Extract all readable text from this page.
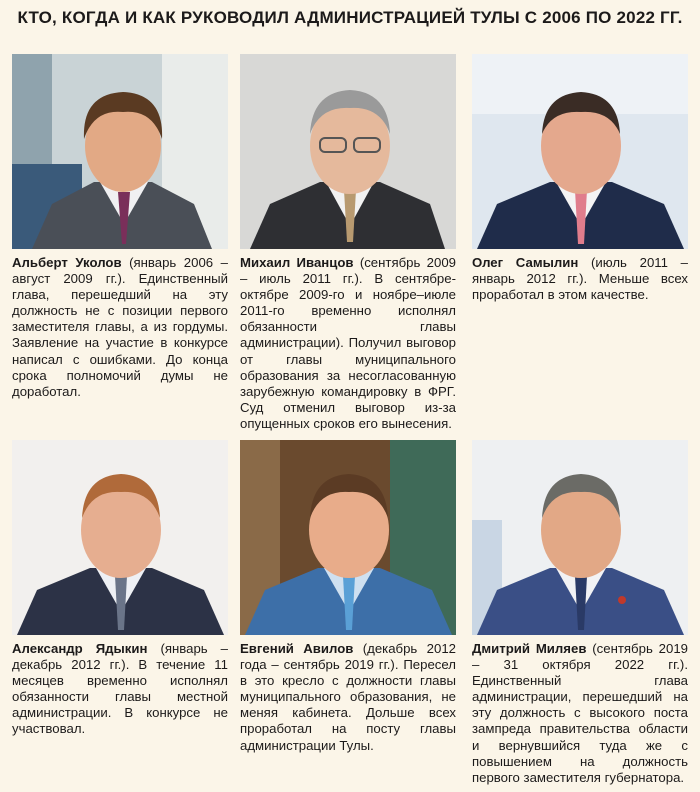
КТО, КОГДА И КАК РУКОВОДИЛ АДМИНИСТРАЦИЕЙ ТУЛЫ С 2006 ПО 2022 ГГ.
Альберт Уколов (январь 2006 – август 2009 гг.). Единственный глава, перешедший на эту должность не с позиции первого заместителя главы, а из гордумы. Заявление на участие в конкурсе написал с ошибками. До конца срока полномочий думы не доработал.
Михаил Иванцов (сентябрь 2009 – июль 2011 гг.). В сентябре-октябре 2009-го и ноябре–июле 2011-го временно исполнял обязанности главы администрации). Получил выговор от главы муниципального образования за несогласованную зарубежную командировку в ФРГ. Суд отменил выговор из-за опущенных сроков его вынесения.
Олег Самылин (июль 2011 – январь 2012 гг.). Меньше всех проработал в этом качестве.
Александр Ядыкин (январь – декабрь 2012 гг.). В течение 11 месяцев временно исполнял обязанности главы местной администрации. В конкурсе не участвовал.
Евгений Авилов (декабрь 2012 года – сентябрь 2019 гг.). Пересел в это кресло с должности главы муниципального образования, не меняя кабинета. Дольше всех проработал на посту главы администрации Тулы.
Дмитрий Миляев (сентябрь 2019 – 31 октября 2022 гг.). Единственный глава администрации, перешедший на эту должность с высокого поста зампреда правительства области и вернувшийся туда же с повышением на должность первого заместителя губернатора.
